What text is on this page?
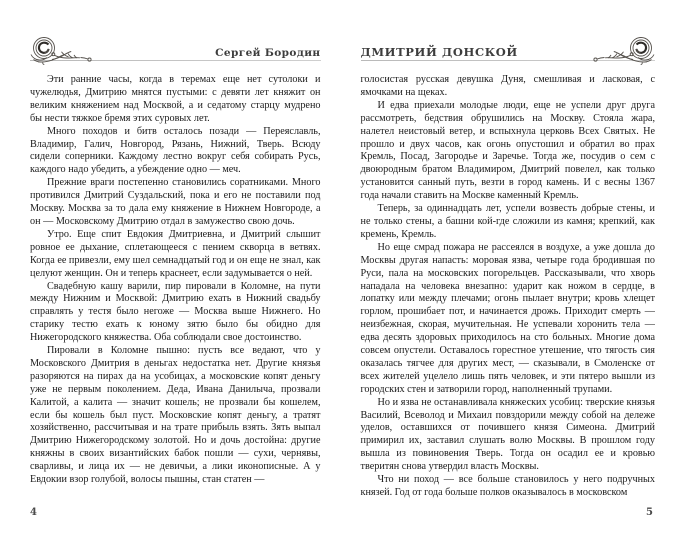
Сергей Бородин

Эти ранние часы, когда в теремах еще нет сутолоки и чужелюдья, Дмитрию мнятся пустыми: с девяти лет княжит он великим княжением над Москвой, а и седатому старцу мудрено бы нести тяжкое бремя этих суровых лет.

Много походов и битв осталось позади — Переяславль, Владимир, Галич, Новгород, Рязань, Нижний, Тверь. Всюду сидели соперники. Каждому лестно вокруг себя собирать Русь, каждого надо убедить, а убеждение одно — меч.

Прежние враги постепенно становились соратниками. Много противился Дмитрий Суздальский, пока и его не поставили под Москву. Москва за то дала ему княжение в Нижнем Новгороде, а он — Московскому Дмитрию отдал в замужество свою дочь.

Утро. Еще спит Евдокия Дмитриевна, и Дмитрий слышит ровное ее дыхание, сплетающееся с пением скворца в ветвях. Когда ее привезли, ему шел семнадцатый год и он еще не знал, как целуют женщин. Он и теперь краснеет, если задумывается о ней.

Свадебную кашу варили, пир пировали в Коломне, на пути между Нижним и Москвой: Дмитрию ехать в Нижний свадьбу справлять у тестя было негоже — Москва выше Нижнего. Но старику тестю ехать к юному зятю было бы обидно для Нижегородского княжества. Оба соблюдали свое достоинство.

Пировали в Коломне пышно: пусть все ведают, что у Московского Дмитрия в деньгах недостатка нет. Другие князья разоряются на пирах да на усобицах, а московские копят деньгу уже не первым поколением. Деда, Ивана Данилыча, прозвали Калитой, а калита — значит кошель; не прозвали бы кошелем, если бы кошель был пуст. Московские копят деньгу, а тратят хозяйственно, рассчитывая и на трате прибыль взять. Зять выпал Дмитрию Нижегородскому золотой. Но и дочь достойна: другие княжны в своих византийских бабок пошли — сухи, чернявы, сварливы, и лица их — не девичьи, а лики иконописные. А у Евдокии взор голубой, волосы пышны, стан статен —

4
ДМИТРИЙ ДОНСКОЙ

голосистая русская девушка Дуня, смешливая и ласковая, с ямочками на щеках.

И едва приехали молодые люди, еще не успели друг друга рассмотреть, бедствия обрушились на Москву. Стояла жара, налетел неистовый ветер, и вспыхнула церковь Всех Святых. Не прошло и двух часов, как огонь опустошил и обратил во прах Кремль, Посад, Загородье и Заречье. Тогда же, посудив о сем с двоюродным братом Владимиром, Дмитрий повелел, как только установится санный путь, везти в город камень. И с весны 1367 года начали ставить на Москве каменный Кремль.

Теперь, за одиннадцать лет, успели возвесть добрые стены, и не только стены, а башни кой-где сложили из камня; крепкий, как кремень, Кремль.

Но еще смрад пожара не рассеялся в воздухе, а уже дошла до Москвы другая напасть: моровая язва, четыре года бродившая по Руси, пала на московских погорельцев. Рассказывали, что хворь нападала на человека внезапно: ударит как ножом в сердце, в лопатку или между плечами; огонь пылает внутри; кровь хлещет горлом, прошибает пот, и начинается дрожь. Приходит смерть — неизбежная, скорая, мучительная. Не успевали хоронить тела — едва десять здоровых приходилось на сто больных. Многие дома совсем опустели. Оставалось горестное утешение, что тягость сия оказалась тягчее для других мест, — сказывали, в Смоленске от всех жителей уцелело лишь пять человек, и эти пятеро вышли из городских стен и затворили город, наполненный трупами.

Но и язва не останавливала княжеских усобиц: тверские князья Василий, Всеволод и Михаил повздорили между собой на дележе уделов, оставшихся от почившего князя Симеона. Дмитрий примирил их, заставил слушать волю Москвы. В прошлом году вышла из повиновения Тверь. Тогда он осадил ее и кровью тверитян снова утвердил власть Москвы.

Что ни поход — все больше становилось у него подручных князей. Год от года больше полков оказывалось в московском

5
